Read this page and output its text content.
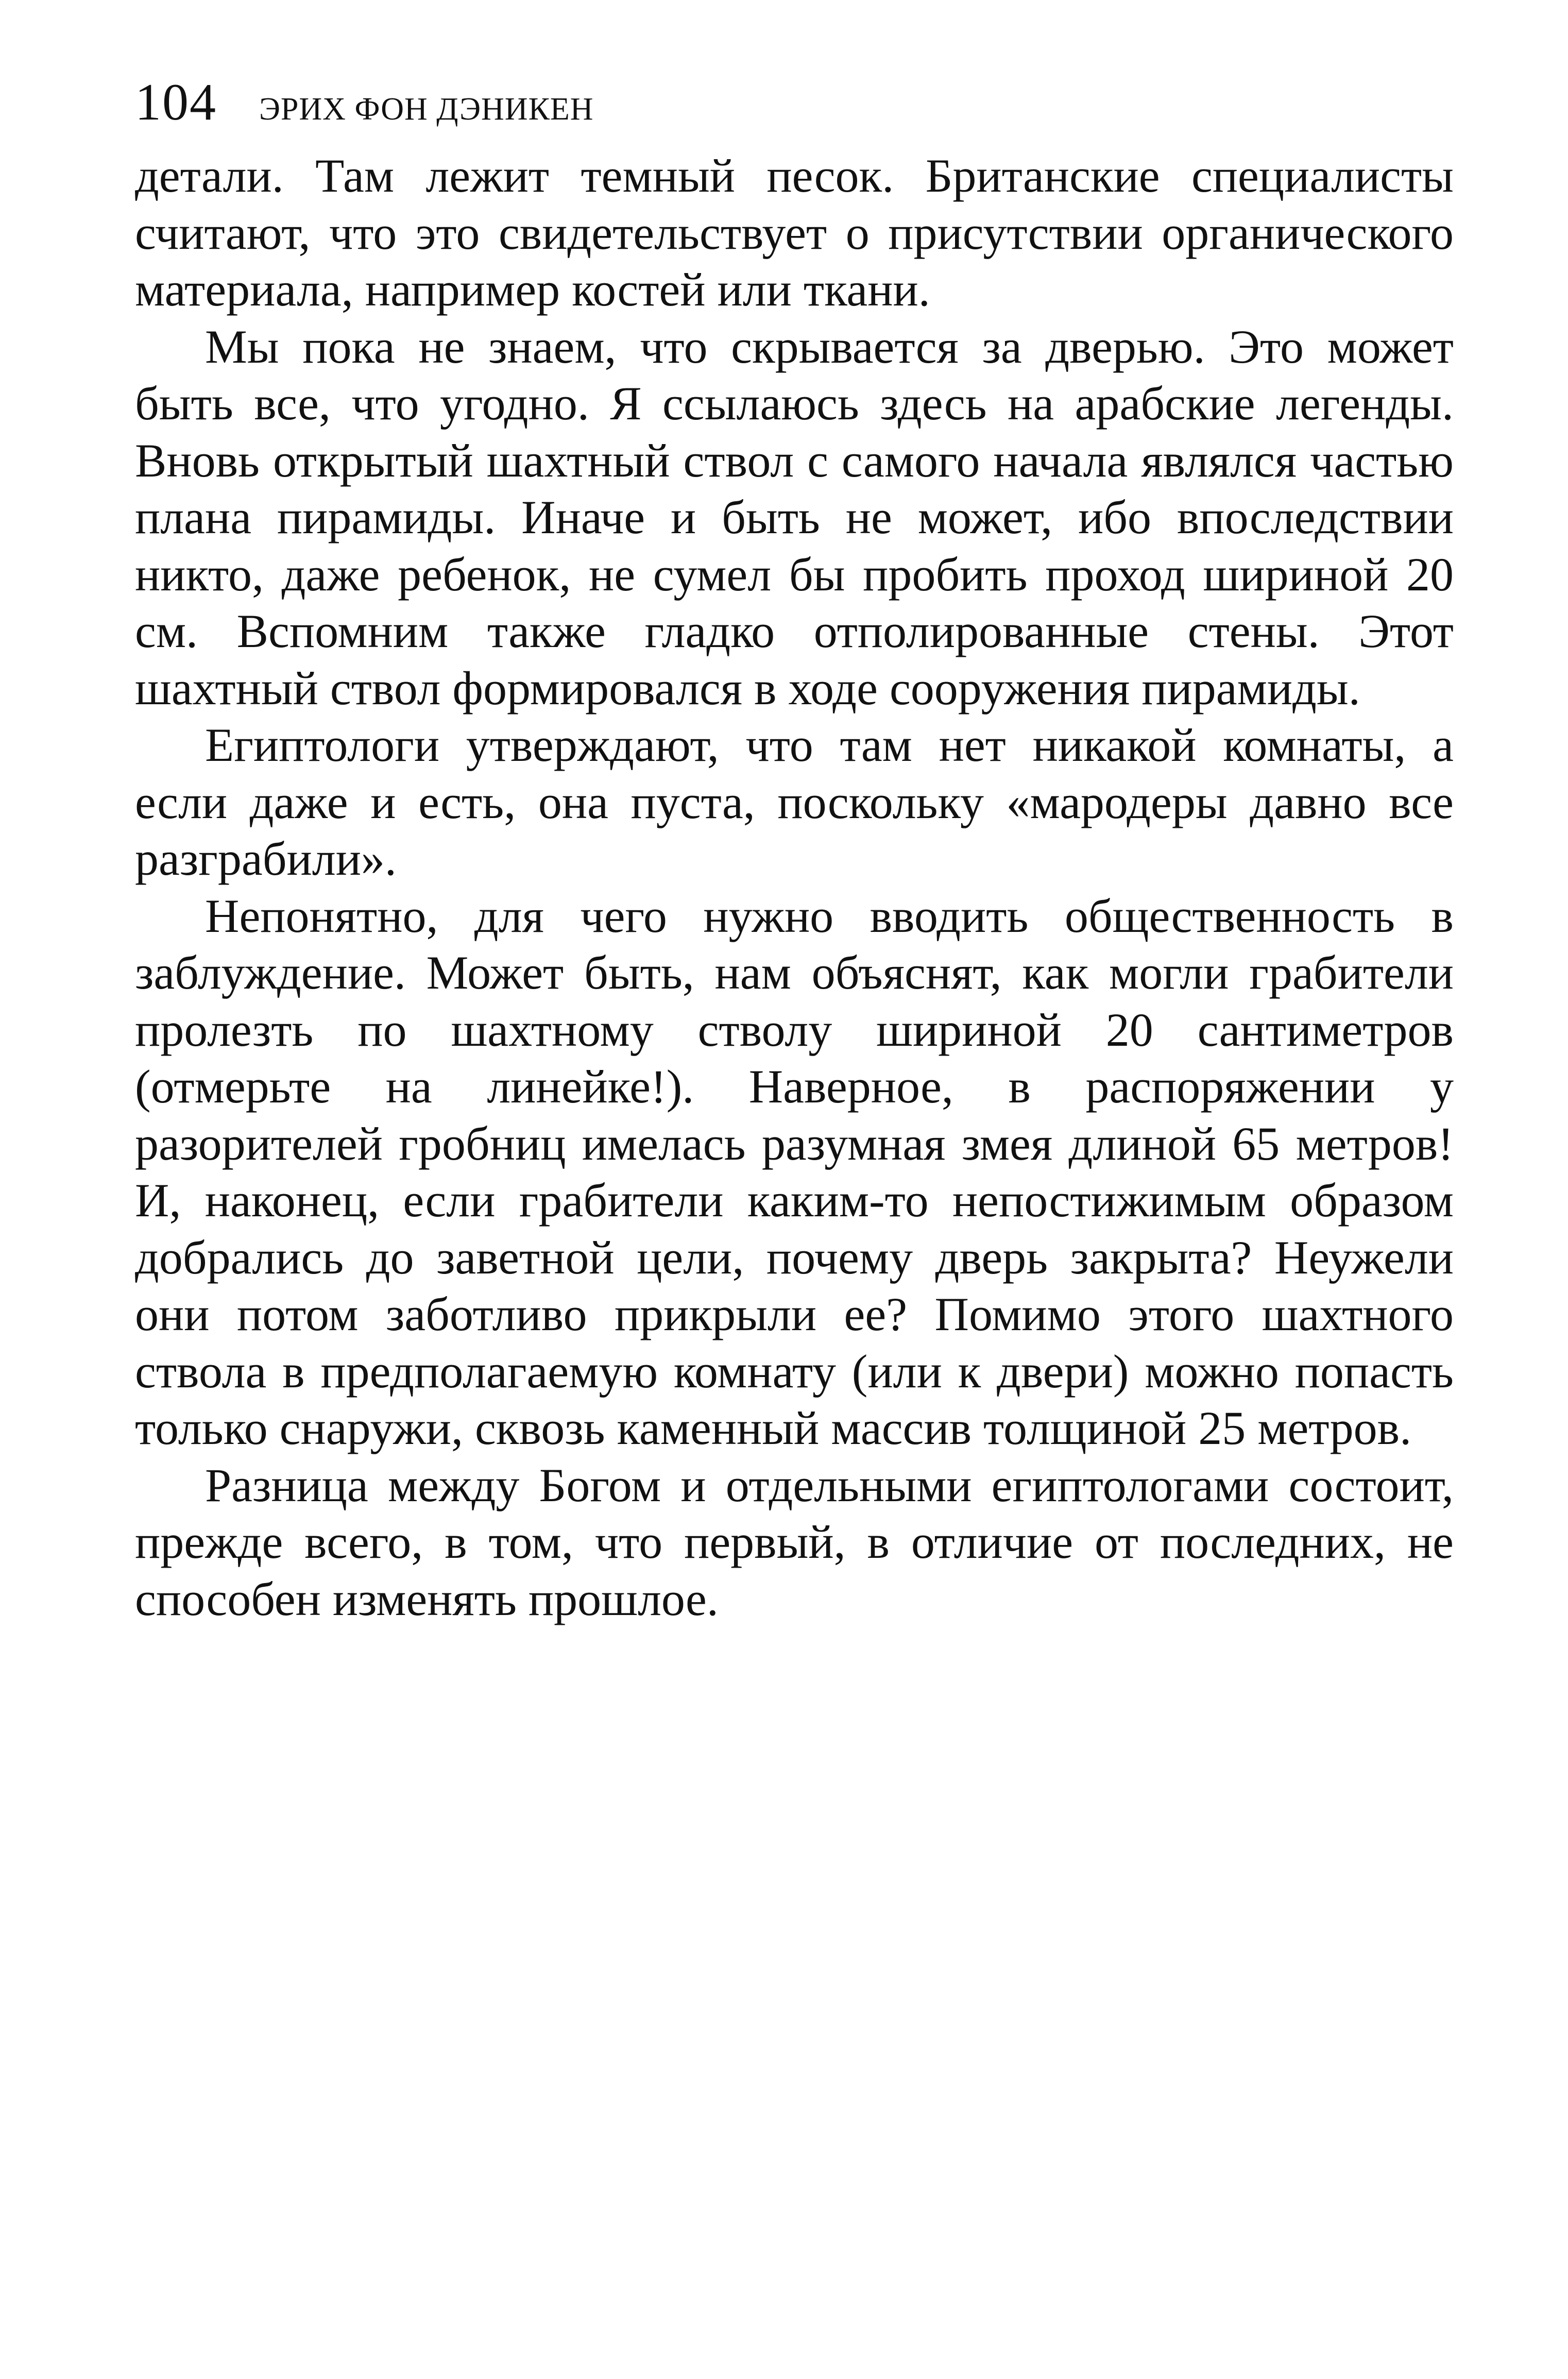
104 ЭРИХ ФОН ДЭНИКЕН

детали. Там лежит темный песок. Британские специалисты считают, что это свидетельствует о присутствии органического материала, например костей или ткани.

Мы пока не знаем, что скрывается за дверью. Это может быть все, что угодно. Я ссылаюсь здесь на арабские легенды. Вновь открытый шахтный ствол с самого начала являлся частью плана пирамиды. Иначе и быть не может, ибо впоследствии никто, даже ребенок, не сумел бы пробить проход шириной 20 см. Вспомним также гладко отполированные стены. Этот шахтный ствол формировался в ходе сооружения пирамиды.

Египтологи утверждают, что там нет никакой комнаты, а если даже и есть, она пуста, поскольку «мародеры давно все разграбили».

Непонятно, для чего нужно вводить общественность в заблуждение. Может быть, нам объяснят, как могли грабители пролезть по шахтному стволу шириной 20 сантиметров (отмерьте на линейке!). Наверное, в распоряжении у разорителей гробниц имелась разумная змея длиной 65 метров! И, наконец, если грабители каким-то непостижимым образом добрались до заветной цели, почему дверь закрыта? Неужели они потом заботливо прикрыли ее? Помимо этого шахтного ствола в предполагаемую комнату (или к двери) можно попасть только снаружи, сквозь каменный массив толщиной 25 метров.

Разница между Богом и отдельными египтологами состоит, прежде всего, в том, что первый, в отличие от последних, не способен изменять прошлое.
